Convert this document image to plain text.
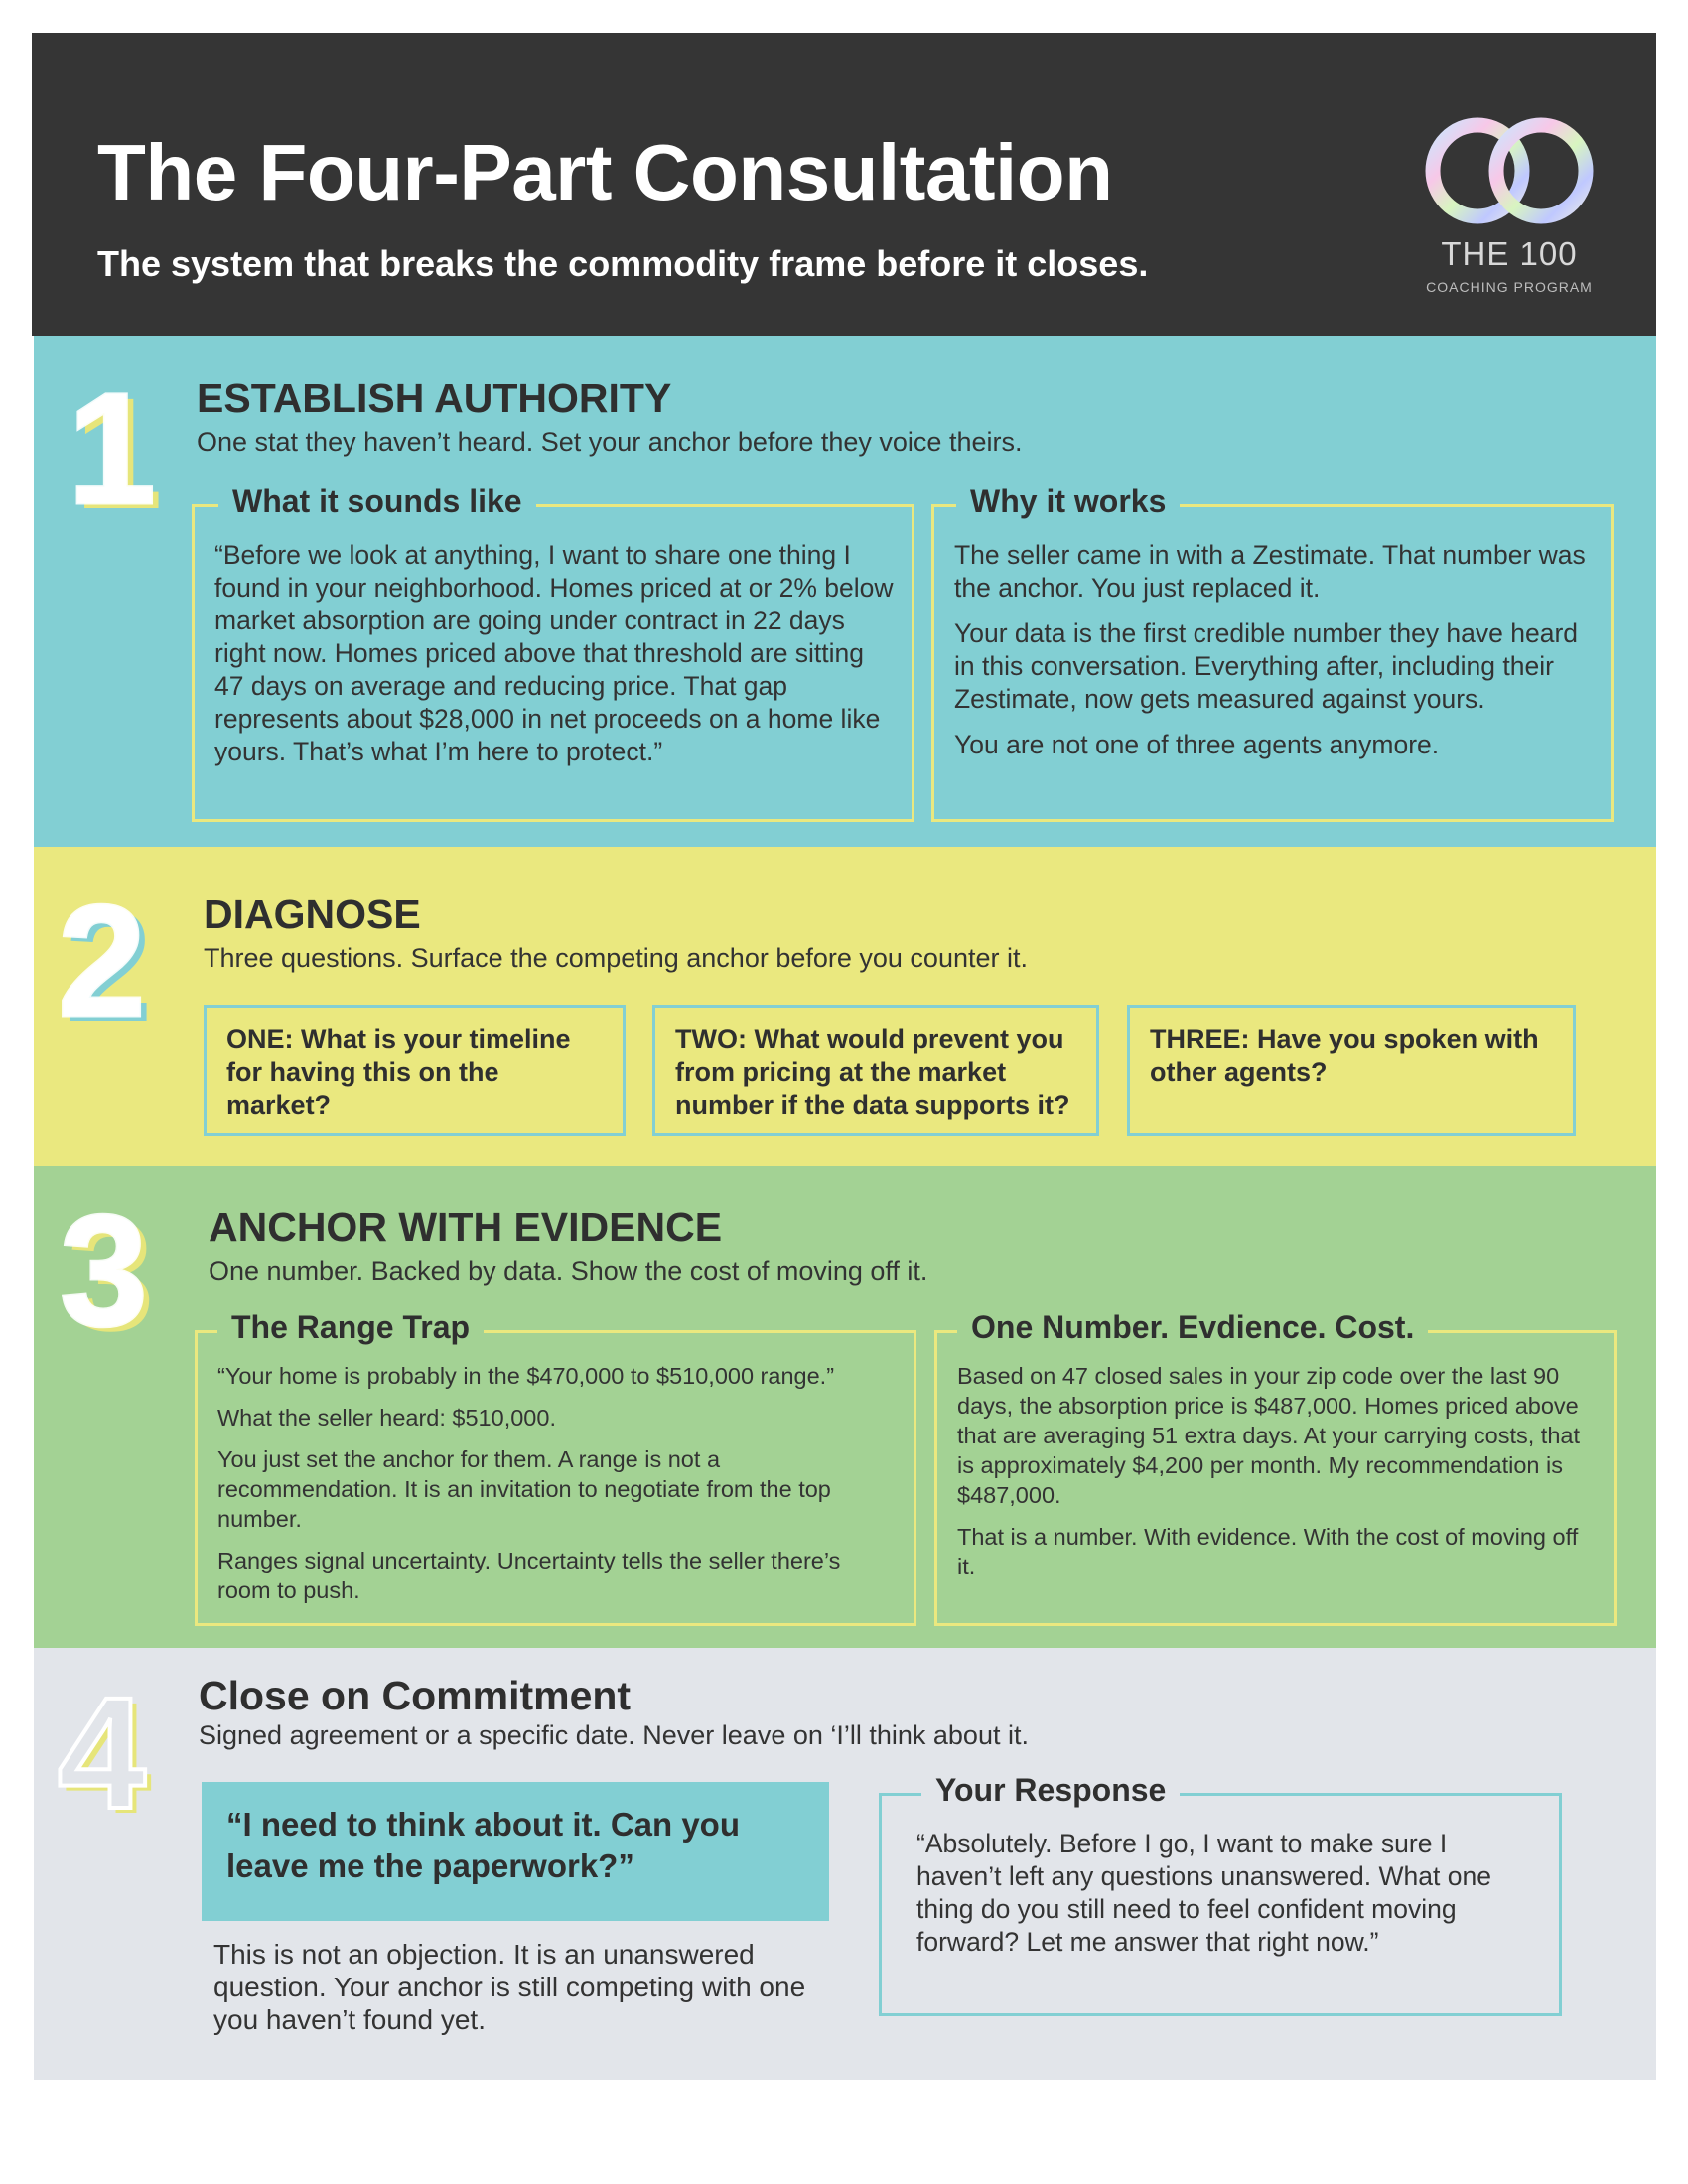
The Four-Part Consultation
The system that breaks the commodity frame before it closes.	THE 100
COACHING PROGRAM
1 ESTABLISH AUTHORITY
One stat they haven’t heard. Set your anchor before they voice theirs.
What it sounds like
“Before we look at anything, I want to share one thing I found in your neighborhood. Homes priced at or 2% below market absorption are going under contract in 22 days right now. Homes priced above that threshold are sitting 47 days on average and reducing price. That gap represents about $28,000 in net proceeds on a home like yours. That’s what I’m here to protect.”
Why it works

The seller came in with a Zestimate. That number was the anchor. You just replaced it.

Your data is the first credible number they have heard in this conversation. Everything after, including their Zestimate, now gets measured against yours.

You are not one of three agents anymore.

2 DIAGNOSE
Three questions. Surface the competing anchor before you counter it.
ONE: What is your timeline for having this on the market?
TWO: What would prevent you from pricing at the market number if the data supports it?
THREE: Have you spoken with other agents?
3 ANCHOR WITH EVIDENCE
One number. Backed by data. Show the cost of moving off it.
The Range Trap

“Your home is probably in the $470,000 to $510,000 range.”

What the seller heard: $510,000.

You just set the anchor for them. A range is not a recommendation. It is an invitation to negotiate from the top number.

Ranges signal uncertainty. Uncertainty tells the seller there’s room to push.

One Number. Evdience. Cost.

Based on 47 closed sales in your zip code over the last 90 days, the absorption price is $487,000. Homes priced above that are averaging 51 extra days. At your carrying costs, that is approximately $4,200 per month. My recommendation is $487,000.

That is a number. With evidence. With the cost of moving off it.

4 Close on Commitment
Signed agreement or a specific date. Never leave on ‘I’ll think about it.
“I need to think about it. Can you leave me the paperwork?”
This is not an objection. It is an unanswered question. Your anchor is still competing with one you haven’t found yet.
Your Response
“Absolutely. Before I go, I want to make sure I haven’t left any questions unanswered. What one thing do you still need to feel confident moving forward? Let me answer that right now.”
